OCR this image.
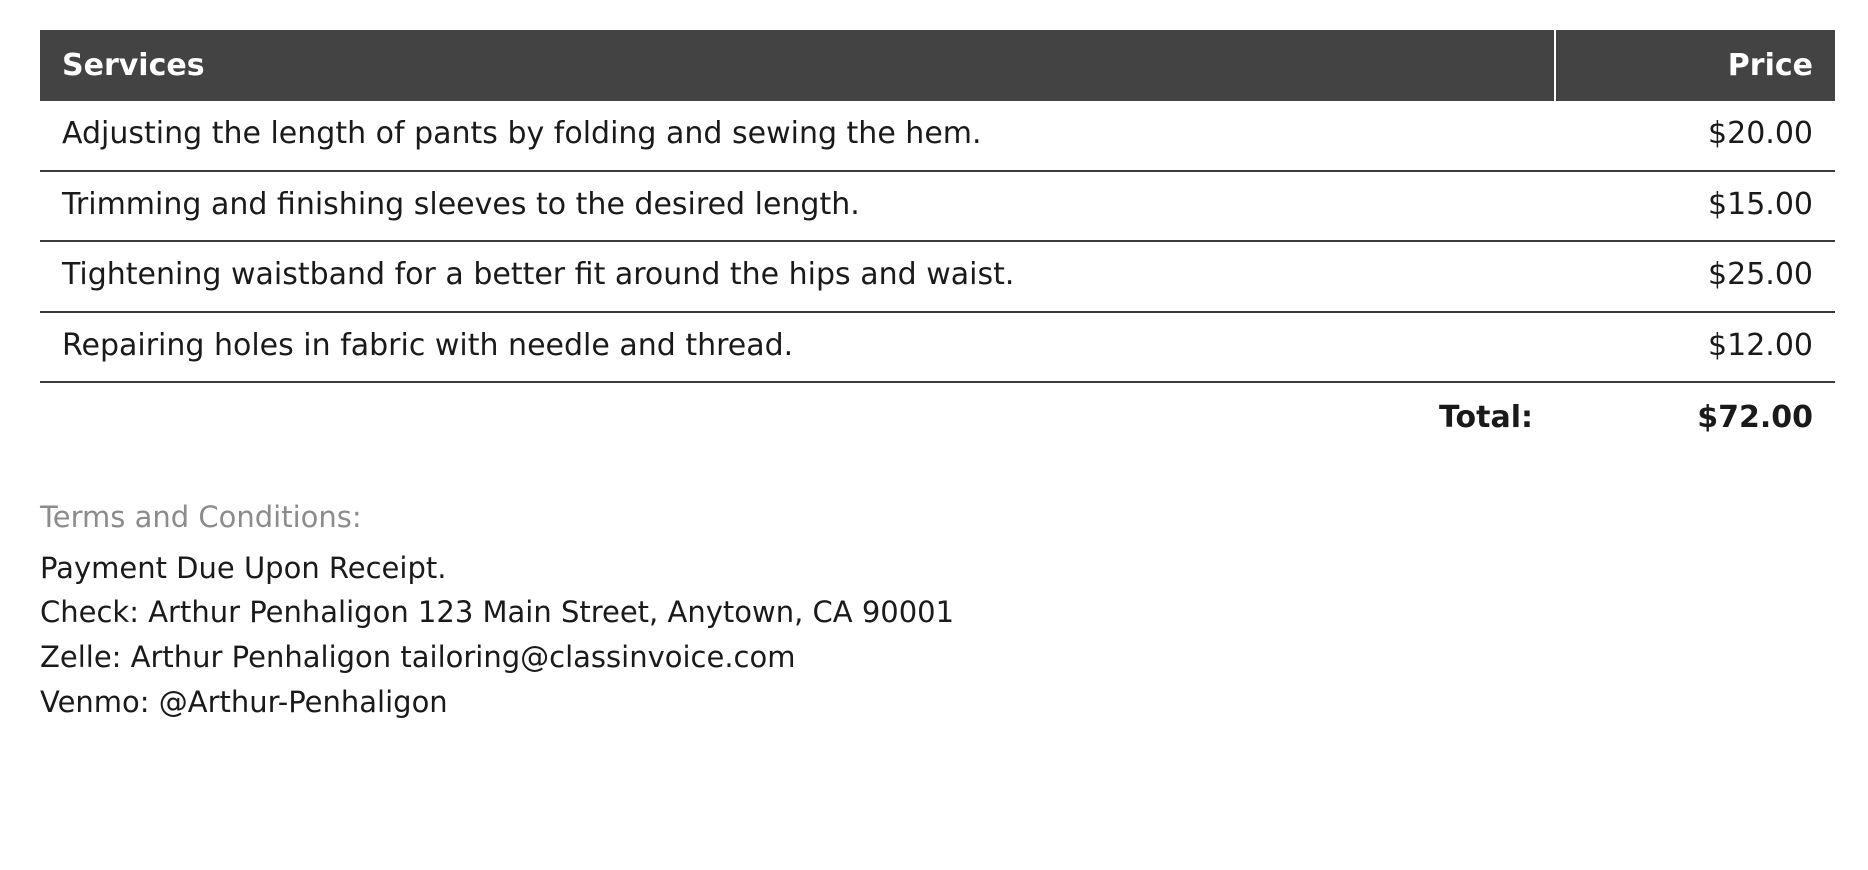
Services	Price
Adjusting the length of pants by folding and sewing the hem.	$20.00
Trimming and finishing sleeves to the desired length.	$15.00
Tightening waistband for a better fit around the hips and waist.	$25.00
Repairing holes in fabric with needle and thread.	$12.00
Total:	$72.00

Terms and Conditions:

Payment Due Upon Receipt.

Check: Arthur Penhaligon 123 Main Street, Anytown, CA 90001

Zelle: Arthur Penhaligon tailoring@classinvoice.com

Venmo: @Arthur-Penhaligon
